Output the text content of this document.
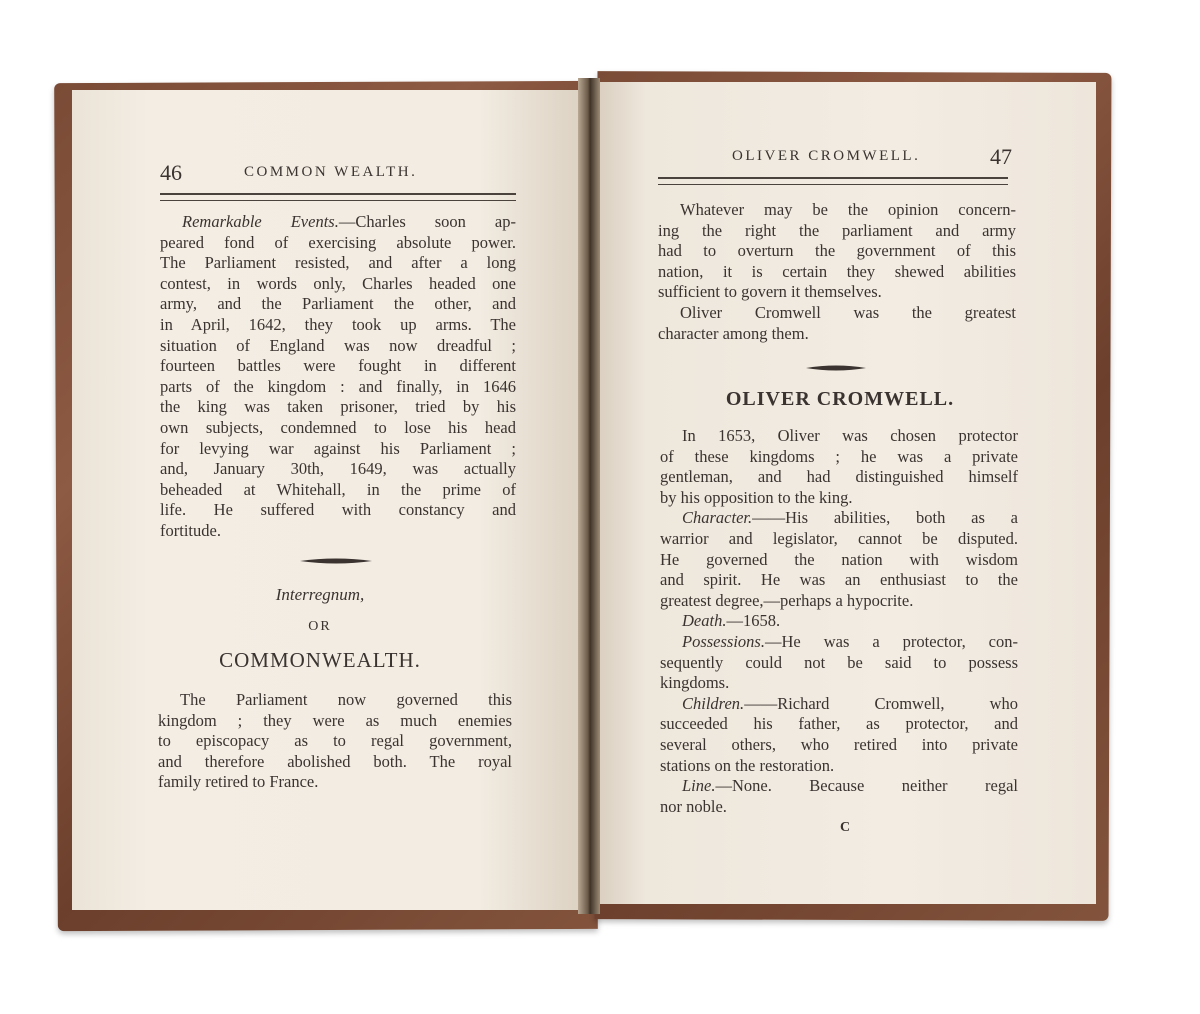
46	COMMON WEALTH.
Remarkable Events.—Charles soon ap-
peared fond of exercising absolute power.
The Parliament resisted, and after a long
contest, in words only, Charles headed one
army, and the Parliament the other, and
in April, 1642, they took up arms. The
situation of England was now dreadful ;
fourteen battles were fought in different
parts of the kingdom : and finally, in 1646
the king was taken prisoner, tried by his
own subjects, condemned to lose his head
for levying war against his Parliament ;
and, January 30th, 1649, was actually
beheaded at Whitehall, in the prime of
life. He suffered with constancy and
fortitude.
Interregnum,
OR
COMMONWEALTH.
The Parliament now governed this
kingdom ; they were as much enemies
to episcopacy as to regal government,
and therefore abolished both. The royal
family retired to France.
OLIVER CROMWELL.	47
Whatever may be the opinion concern-
ing the right the parliament and army
had to overturn the government of this
nation, it is certain they shewed abilities
sufficient to govern it themselves.
Oliver Cromwell was the greatest
character among them.
OLIVER CROMWELL.
In 1653, Oliver was chosen protector
of these kingdoms ; he was a private
gentleman, and had distinguished himself
by his opposition to the king.
Character.——His abilities, both as a
warrior and legislator, cannot be disputed.
He governed the nation with wisdom
and spirit. He was an enthusiast to the
greatest degree,—perhaps a hypocrite.
Death.—1658.
Possessions.—He was a protector, con-
sequently could not be said to possess
kingdoms.
Children.——Richard Cromwell, who
succeeded his father, as protector, and
several others, who retired into private
stations on the restoration.
Line.—None. Because neither regal
nor noble.
C
